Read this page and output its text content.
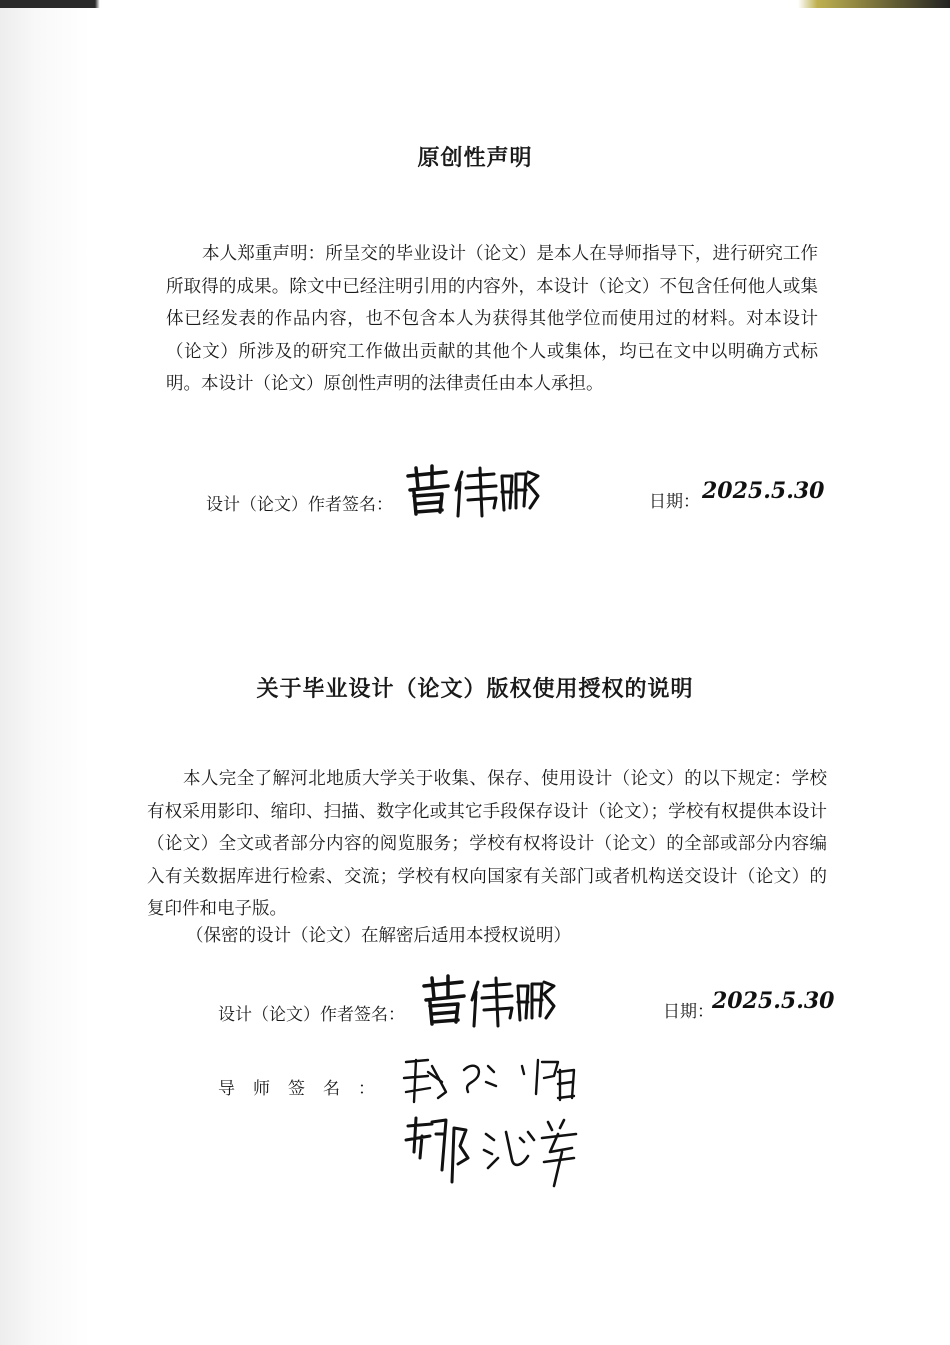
原创性声明

本人郑重声明：所呈交的毕业设计（论文）是本人在导师指导下，进行研究工作所取得的成果。除文中已经注明引用的内容外，本设计（论文）不包含任何他人或集体已经发表的作品内容，也不包含本人为获得其他学位而使用过的材料。对本设计（论文）所涉及的研究工作做出贡献的其他个人或集体，均已在文中以明确方式标明。本设计（论文）原创性声明的法律责任由本人承担。

设计（论文）作者签名：	日期： 2025.5.30
关于毕业设计（论文）版权使用授权的说明

本人完全了解河北地质大学关于收集、保存、使用设计（论文）的以下规定：学校有权采用影印、缩印、扫描、数字化或其它手段保存设计（论文）；学校有权提供本设计（论文）全文或者部分内容的阅览服务；学校有权将设计（论文）的全部或部分内容编入有关数据库进行检索、交流；学校有权向国家有关部门或者机构送交设计（论文）的复印件和电子版。

（保密的设计（论文）在解密后适用本授权说明）
设计（论文）作者签名：	日期：
2025.5.30
导师签名：
